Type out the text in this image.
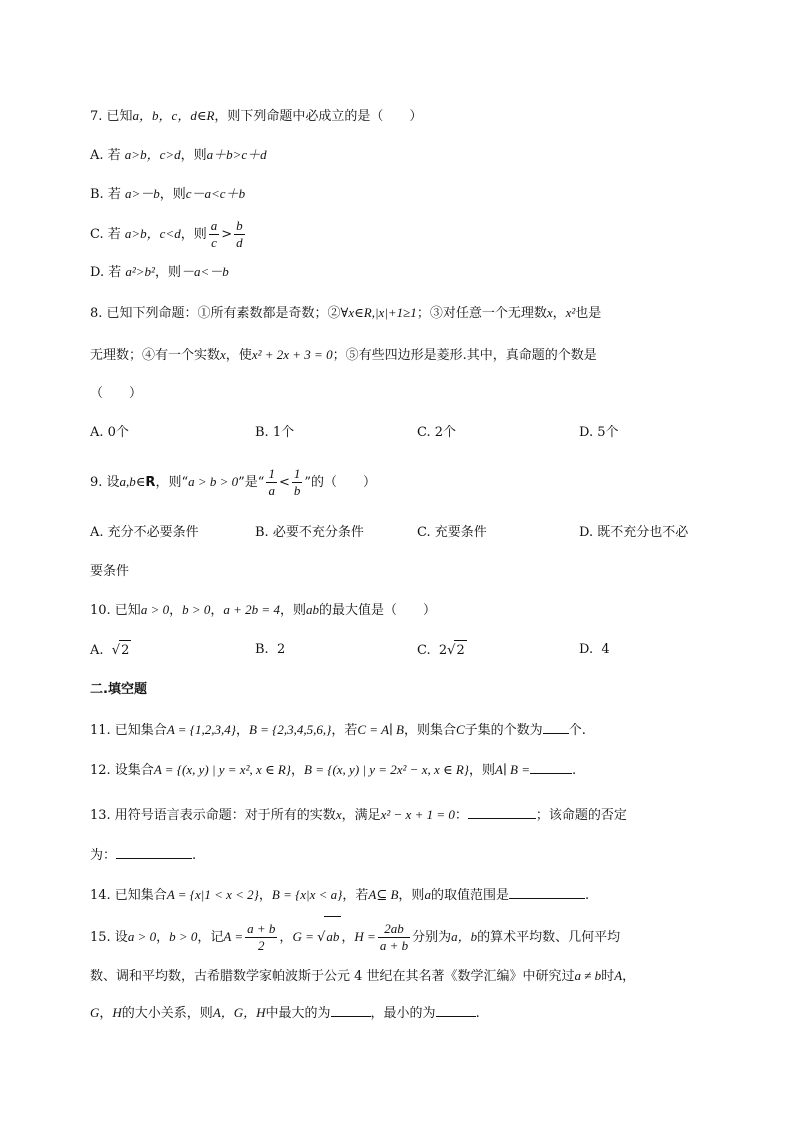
7. 已知a，b，c，d∈R，则下列命题中必成立的是（　　）
A. 若 a>b，c>d，则a＋b>c＋d
B. 若 a>－b，则c－a<c＋b
C. 若 a>b，c<d，则 $\frac{a}{c} > \frac{b}{d}$
D. 若 a²>b²，则－a<－b
8. 已知下列命题：①所有素数都是奇数；②∀x∈R,|x|+1≥1；③对任意一个无理数x，x²也是
无理数；④有一个实数x，使x² + 2x + 3 = 0；⑤有些四边形是菱形.其中，真命题的个数是
（　　）
A. 0个	B. 1个	C. 2个	D. 5个
9. 设a,b∈R，则“a > b > 0”是“ $\frac{1}{a} < \frac{1}{b}$ ”的（　　）
A. 充分不必要条件	B. 必要不充分条件	C. 充要条件	D. 既不充分也不必
要条件
10. 已知a > 0，b > 0，a + 2b = 4，则ab的最大值是（　　）
A. √2	B. 2	C. 2√2	D. 4
二.填空题
11. 已知集合A = {1,2,3,4}，B = {2,3,4,5,6,}，若C = A∣ B，则集合C子集的个数为 个.
12. 设集合A = {(x, y) | y = x², x ∈ R}，B = {(x, y) | y = 2x² − x, x ∈ R}，则A∣ B =	.
13. 用符号语言表示命题：对于所有的实数x，满足x² − x + 1 = 0：	；该命题的否定
为：	.
14. 已知集合A = {x|1 < x < 2}，B = {x|x < a}，若A⊆ B，则a的取值范围是	.
15. 设a > 0，b > 0，记$A = \frac{a + b}{2}$ ，G = √ab ，$H = \frac{2ab}{a + b}$ 分别为a，b的算术平均数、几何平均
数、调和平均数，古希腊数学家帕波斯于公元 4 世纪在其名著《数学汇编》中研究过a ≠ b时A，
G，H的大小关系，则A，G，H中最大的为	，最小的为	.
